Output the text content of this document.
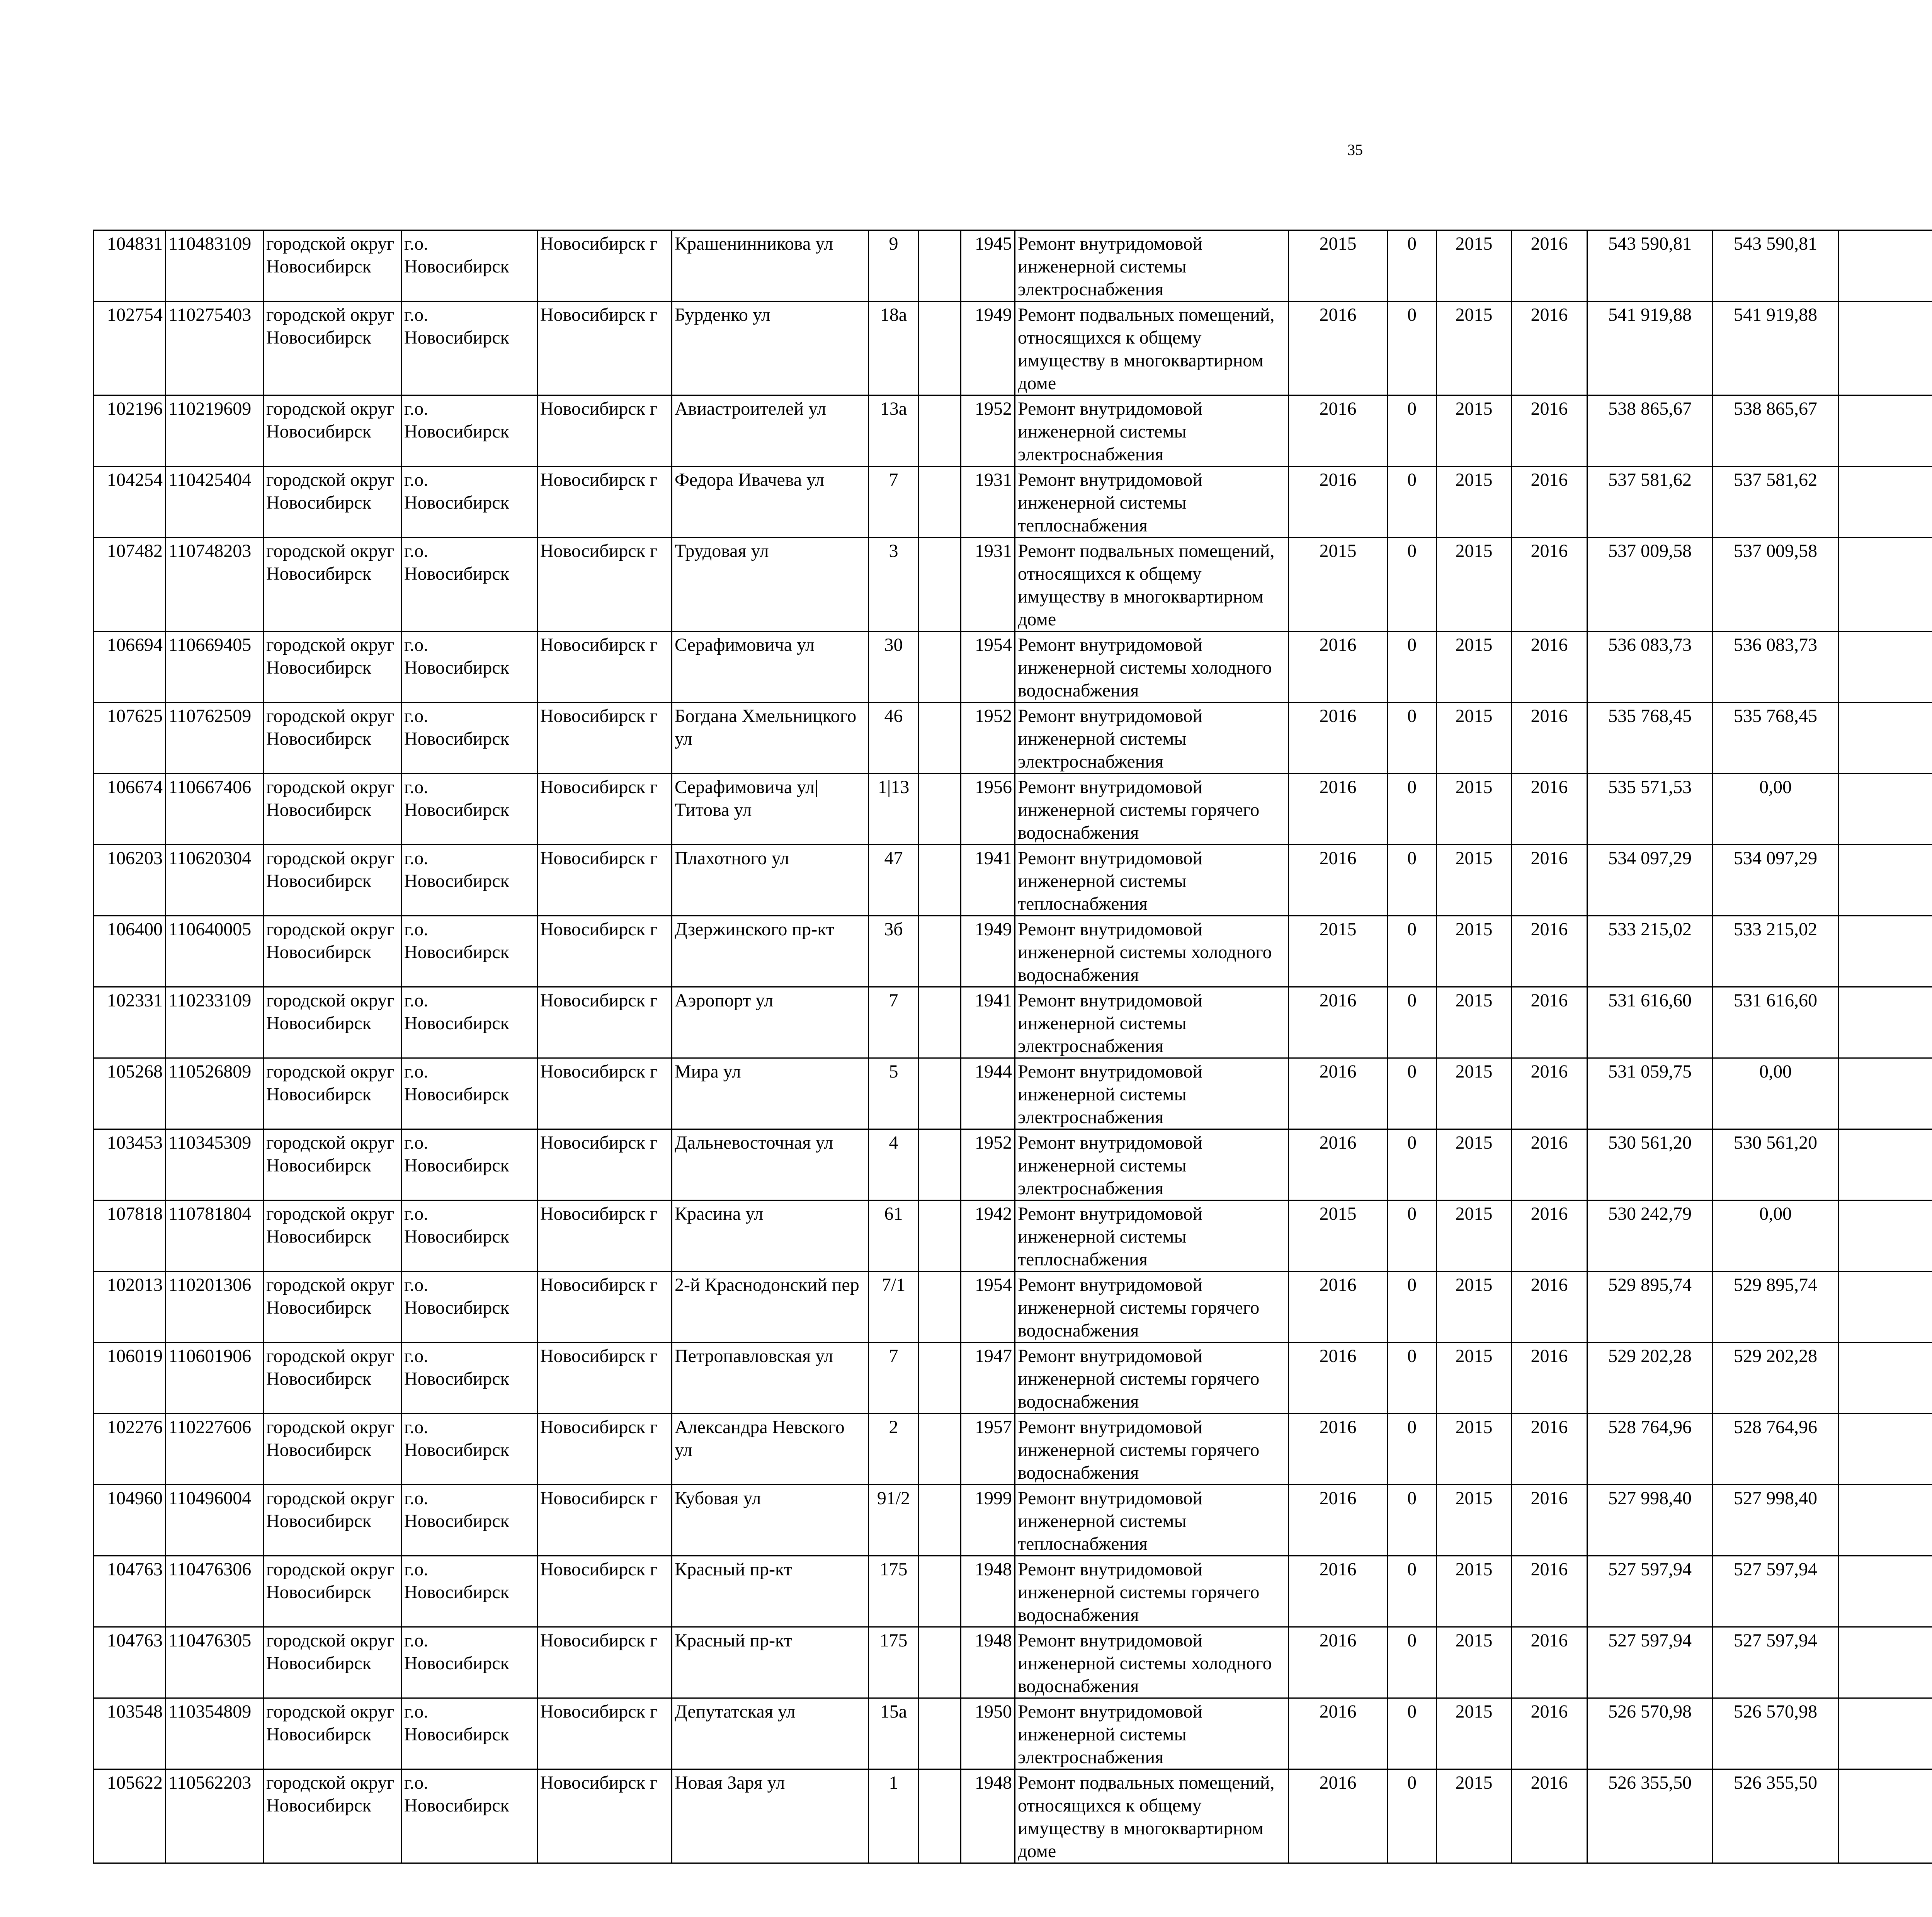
35
104831	110483109	городской округ Новосибирск	г.о. Новосибирск	Новосибирск г	Крашенинникова ул	9		1945	Ремонт внутридомовой инженерной системы электроснабжения	2015	0	2015	2016	543 590,81	543 590,81							
102754	110275403	городской округ Новосибирск	г.о. Новосибирск	Новосибирск г	Бурденко ул	18а		1949	Ремонт подвальных помещений, относящихся к общему имуществу в многоквартирном доме	2016	0	2015	2016	541 919,88	541 919,88							
102196	110219609	городской округ Новосибирск	г.о. Новосибирск	Новосибирск г	Авиастроителей ул	13а		1952	Ремонт внутридомовой инженерной системы электроснабжения	2016	0	2015	2016	538 865,67	538 865,67							
104254	110425404	городской округ Новосибирск	г.о. Новосибирск	Новосибирск г	Федора Ивачева ул	7		1931	Ремонт внутридомовой инженерной системы теплоснабжения	2016	0	2015	2016	537 581,62	537 581,62							
107482	110748203	городской округ Новосибирск	г.о. Новосибирск	Новосибирск г	Трудовая ул	3		1931	Ремонт подвальных помещений, относящихся к общему имуществу в многоквартирном доме	2015	0	2015	2016	537 009,58	537 009,58							
106694	110669405	городской округ Новосибирск	г.о. Новосибирск	Новосибирск г	Серафимовича ул	30		1954	Ремонт внутридомовой инженерной системы холодного водоснабжения	2016	0	2015	2016	536 083,73	536 083,73							
107625	110762509	городской округ Новосибирск	г.о. Новосибирск	Новосибирск г	Богдана Хмельницкого ул	46		1952	Ремонт внутридомовой инженерной системы электроснабжения	2016	0	2015	2016	535 768,45	535 768,45							
106674	110667406	городской округ Новосибирск	г.о. Новосибирск	Новосибирск г	Серафимовича ул|Титова ул	1|13		1956	Ремонт внутридомовой инженерной системы горячего водоснабжения	2016	0	2015	2016	535 571,53	0,00							
106203	110620304	городской округ Новосибирск	г.о. Новосибирск	Новосибирск г	Плахотного ул	47		1941	Ремонт внутридомовой инженерной системы теплоснабжения	2016	0	2015	2016	534 097,29	534 097,29							
106400	110640005	городской округ Новосибирск	г.о. Новосибирск	Новосибирск г	Дзержинского пр-кт	3б		1949	Ремонт внутридомовой инженерной системы холодного водоснабжения	2015	0	2015	2016	533 215,02	533 215,02							
102331	110233109	городской округ Новосибирск	г.о. Новосибирск	Новосибирск г	Аэропорт ул	7		1941	Ремонт внутридомовой инженерной системы электроснабжения	2016	0	2015	2016	531 616,60	531 616,60							
105268	110526809	городской округ Новосибирск	г.о. Новосибирск	Новосибирск г	Мира ул	5		1944	Ремонт внутридомовой инженерной системы электроснабжения	2016	0	2015	2016	531 059,75	0,00							
103453	110345309	городской округ Новосибирск	г.о. Новосибирск	Новосибирск г	Дальневосточная ул	4		1952	Ремонт внутридомовой инженерной системы электроснабжения	2016	0	2015	2016	530 561,20	530 561,20							
107818	110781804	городской округ Новосибирск	г.о. Новосибирск	Новосибирск г	Красина ул	61		1942	Ремонт внутридомовой инженерной системы теплоснабжения	2015	0	2015	2016	530 242,79	0,00							
102013	110201306	городской округ Новосибирск	г.о. Новосибирск	Новосибирск г	2-й Краснодонский пер	7/1		1954	Ремонт внутридомовой инженерной системы горячего водоснабжения	2016	0	2015	2016	529 895,74	529 895,74							
106019	110601906	городской округ Новосибирск	г.о. Новосибирск	Новосибирск г	Петропавловская ул	7		1947	Ремонт внутридомовой инженерной системы горячего водоснабжения	2016	0	2015	2016	529 202,28	529 202,28							
102276	110227606	городской округ Новосибирск	г.о. Новосибирск	Новосибирск г	Александра Невского ул	2		1957	Ремонт внутридомовой инженерной системы горячего водоснабжения	2016	0	2015	2016	528 764,96	528 764,96							
104960	110496004	городской округ Новосибирск	г.о. Новосибирск	Новосибирск г	Кубовая ул	91/2		1999	Ремонт внутридомовой инженерной системы теплоснабжения	2016	0	2015	2016	527 998,40	527 998,40							
104763	110476306	городской округ Новосибирск	г.о. Новосибирск	Новосибирск г	Красный пр-кт	175		1948	Ремонт внутридомовой инженерной системы горячего водоснабжения	2016	0	2015	2016	527 597,94	527 597,94							
104763	110476305	городской округ Новосибирск	г.о. Новосибирск	Новосибирск г	Красный пр-кт	175		1948	Ремонт внутридомовой инженерной системы холодного водоснабжения	2016	0	2015	2016	527 597,94	527 597,94							
103548	110354809	городской округ Новосибирск	г.о. Новосибирск	Новосибирск г	Депутатская ул	15а		1950	Ремонт внутридомовой инженерной системы электроснабжения	2016	0	2015	2016	526 570,98	526 570,98							
105622	110562203	городской округ Новосибирск	г.о. Новосибирск	Новосибирск г	Новая Заря ул	1		1948	Ремонт подвальных помещений, относящихся к общему имуществу в многоквартирном доме	2016	0	2015	2016	526 355,50	526 355,50							
